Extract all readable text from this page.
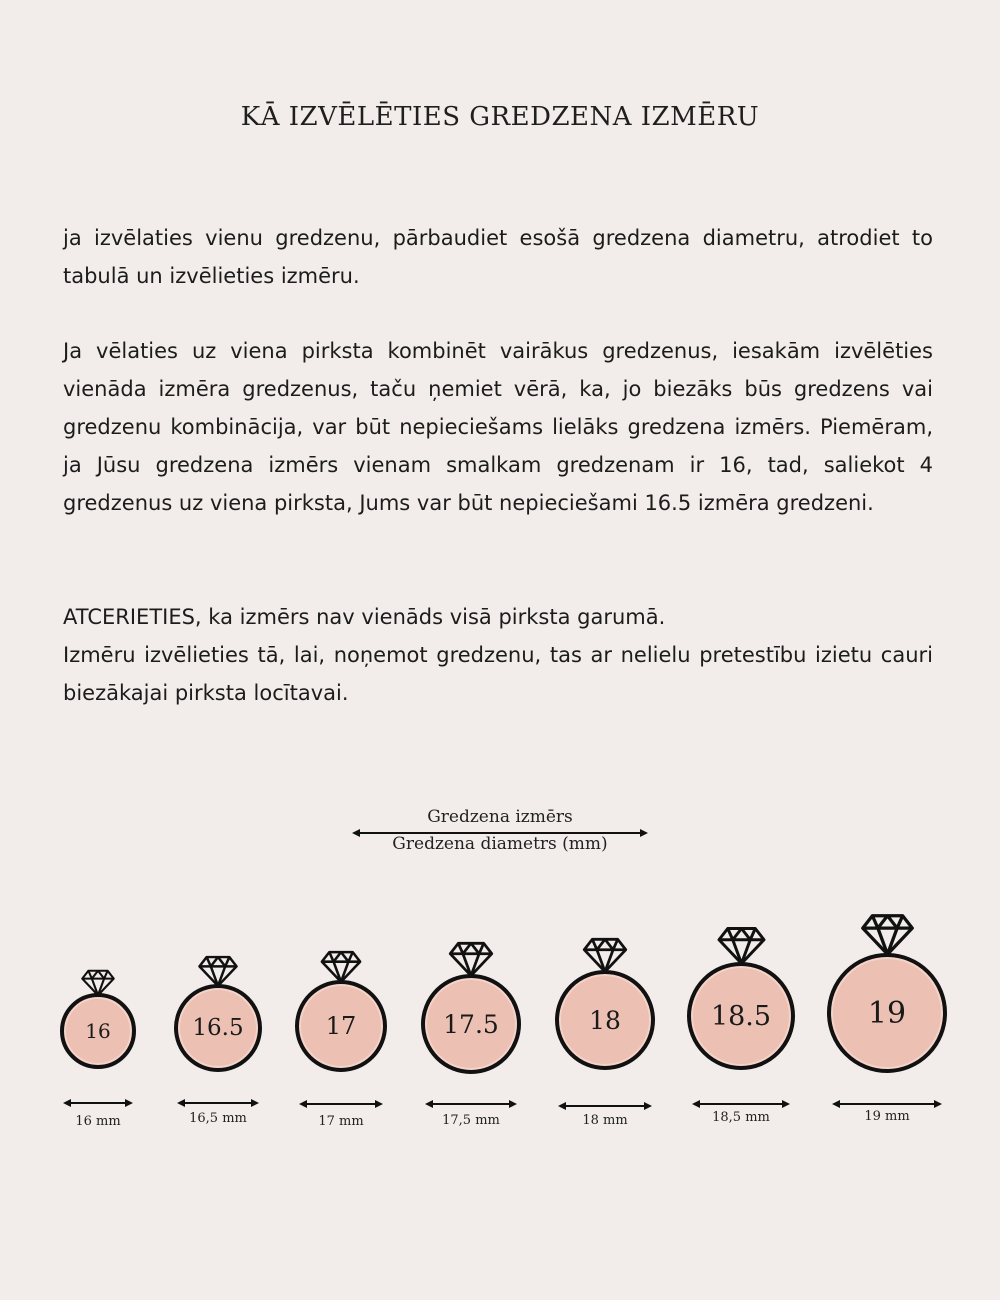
KĀ IZVĒLĒTIES GREDZENA IZMĒRU

ja izvēlaties vienu gredzenu, pārbaudiet esošā gredzena diametru, atrodiet to tabulā un izvēlieties izmēru.

Ja vēlaties uz viena pirksta kombinēt vairākus gredzenus, iesakām izvēlēties vienāda izmēra gredzenus, taču ņemiet vērā, ka, jo biezāks būs gredzens vai gredzenu kombinācija, var būt nepieciešams lielāks gredzena izmērs. Piemēram, ja Jūsu gredzena izmērs vienam smalkam gredzenam ir 16, tad, saliekot 4 gredzenus uz viena pirksta, Jums var būt nepieciešami 16.5 izmēra gredzeni.

ATCERIETIES, ka izmērs nav vienāds visā pirksta garumā.
Izmēru izvēlieties tā, lai, noņemot gredzenu, tas ar nelielu pretestību izietu cauri biezākajai pirksta locītavai.
Gredzena izmērs
Gredzena diametrs (mm)
16
16 mm
16.5
16,5 mm
17
17 mm
17.5
17,5 mm
18
18 mm
18.5
18,5 mm
19
19 mm
